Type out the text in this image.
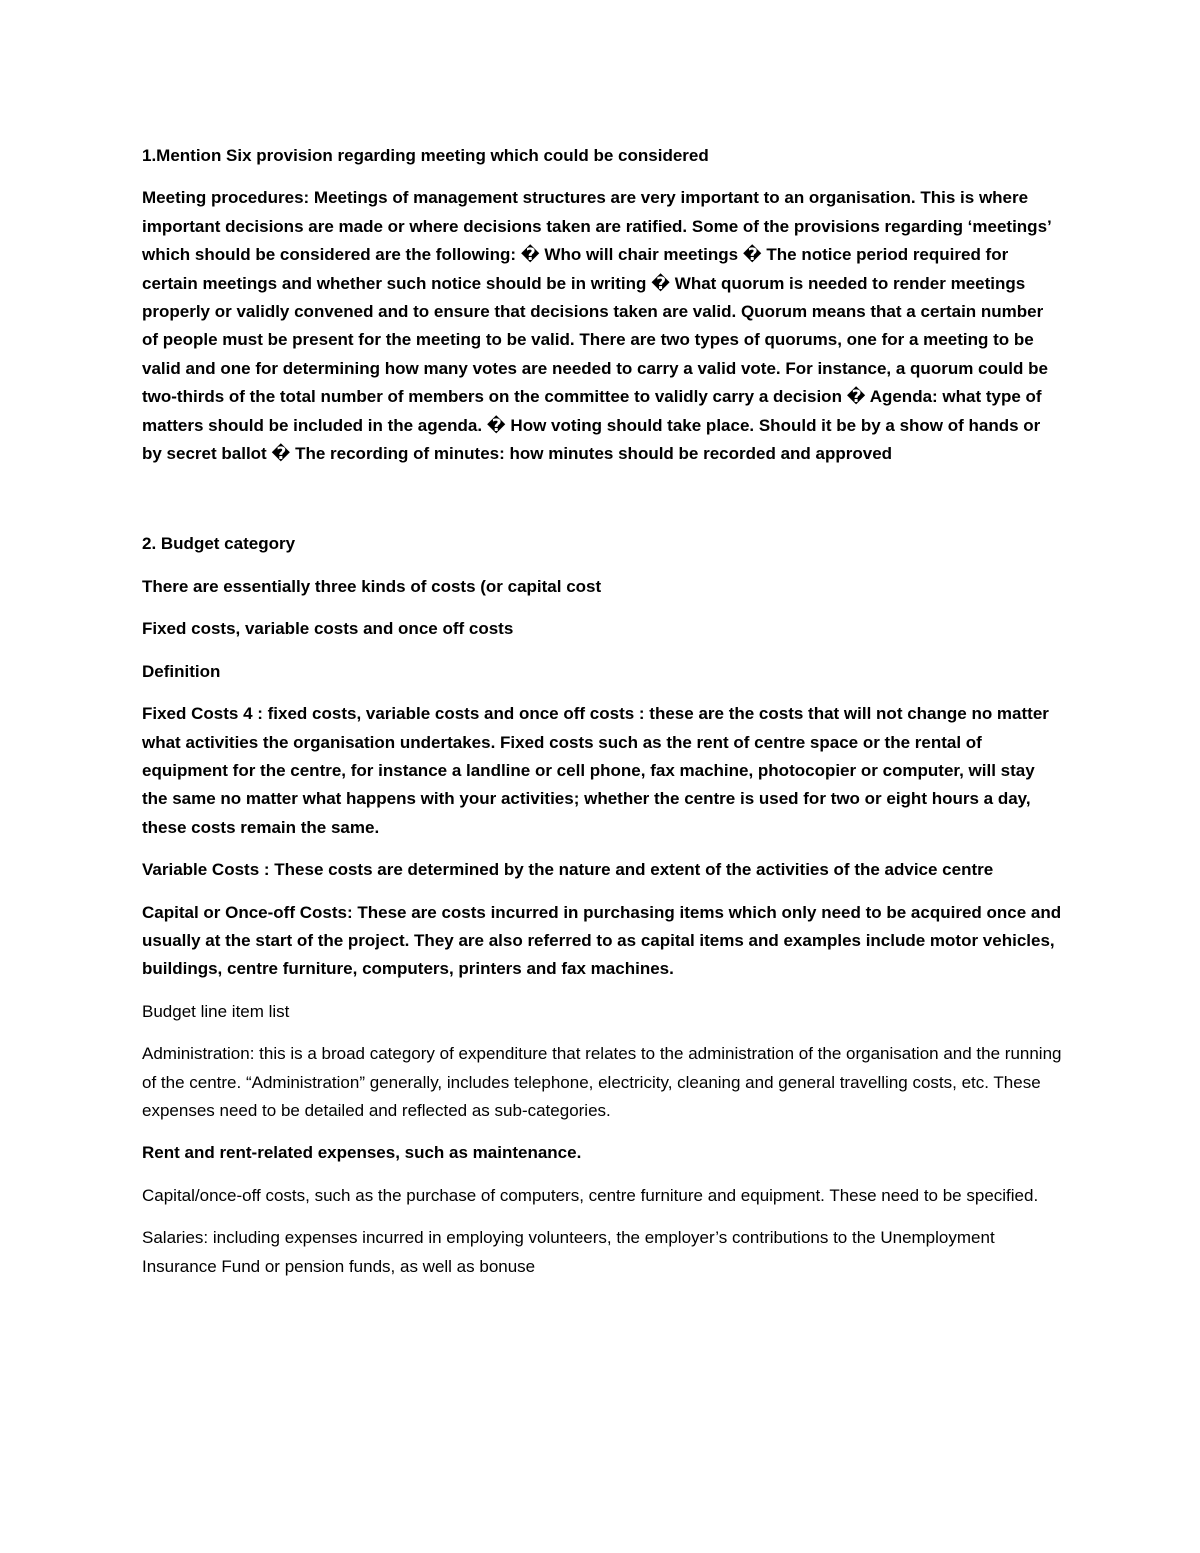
1.Mention Six provision regarding meeting which could be considered

Meeting procedures: Meetings of management structures are very important to an organisation. This is where important decisions are made or where decisions taken are ratified. Some of the provisions regarding ‘meetings’ which should be considered are the following: � Who will chair meetings � The notice period required for certain meetings and whether such notice should be in writing � What quorum is needed to render meetings properly or validly convened and to ensure that decisions taken are valid. Quorum means that a certain number of people must be present for the meeting to be valid. There are two types of quorums, one for a meeting to be valid and one for determining how many votes are needed to carry a valid vote. For instance, a quorum could be two-thirds of the total number of members on the committee to validly carry a decision � Agenda: what type of matters should be included in the agenda. � How voting should take place. Should it be by a show of hands or by secret ballot � The recording of minutes: how minutes should be recorded and approved

2. Budget category

There are essentially three kinds of costs (or capital cost

Fixed costs, variable costs and once off costs

Definition

Fixed Costs 4 : fixed costs, variable costs and once off costs : these are the costs that will not change no matter what activities the organisation undertakes. Fixed costs such as the rent of centre space or the rental of equipment for the centre, for instance a landline or cell phone, fax machine, photocopier or computer, will stay the same no matter what happens with your activities; whether the centre is used for two or eight hours a day, these costs remain the same.

Variable Costs : These costs are determined by the nature and extent of the activities of the advice centre

Capital or Once-off Costs: These are costs incurred in purchasing items which only need to be acquired once and usually at the start of the project. They are also referred to as capital items and examples include motor vehicles, buildings, centre furniture, computers, printers and fax machines.

Budget line item list

Administration: this is a broad category of expenditure that relates to the administration of the organisation and the running of the centre. “Administration” generally, includes telephone, electricity, cleaning and general travelling costs, etc. These expenses need to be detailed and reflected as sub-categories.

Rent and rent-related expenses, such as maintenance.

Capital/once-off costs, such as the purchase of computers, centre furniture and equipment. These need to be specified.

Salaries: including expenses incurred in employing volunteers, the employer’s contributions to the Unemployment Insurance Fund or pension funds, as well as bonuse
